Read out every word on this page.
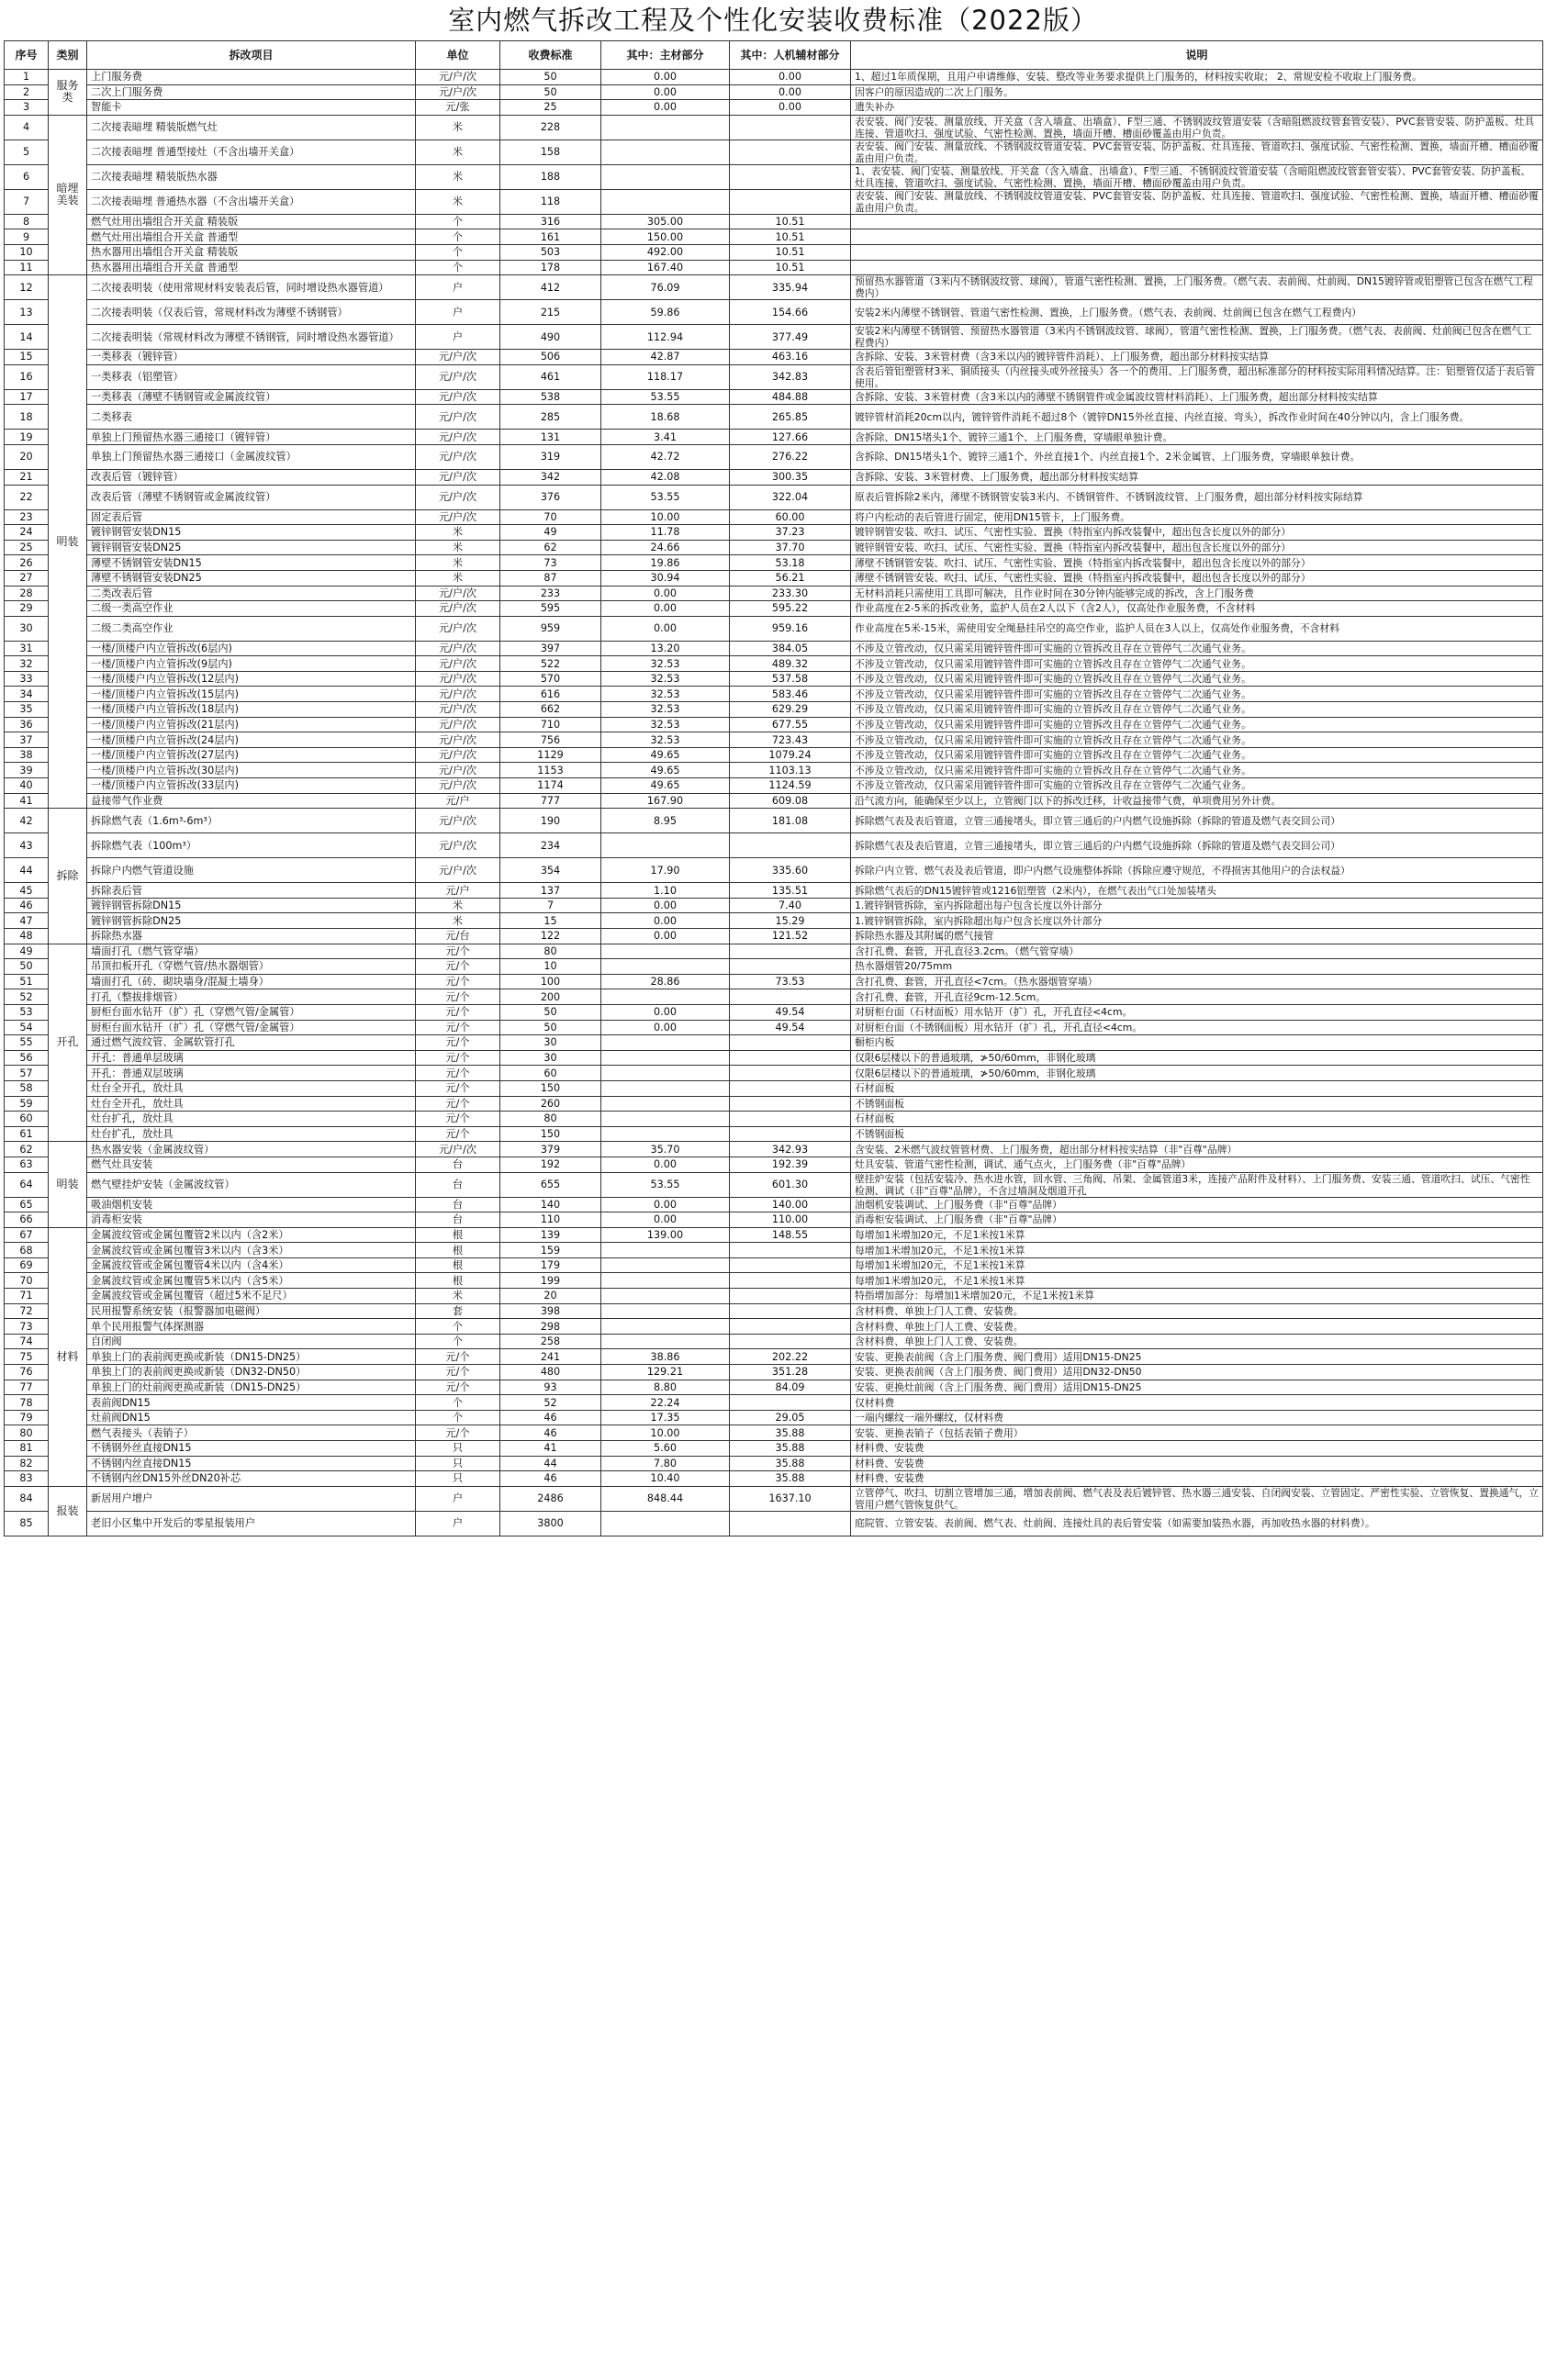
室内燃气拆改工程及个性化安装收费标准（2022版）
序号	类别	拆改项目	单位	收费标准	其中：主材部分	其中：人机辅材部分	说明
1	服务类	上门服务费	元/户/次	50	0.00	0.00	1、超过1年质保期，且用户申请维修、安装、整改等业务要求提供上门服务的，材料按实收取； 2、常规安检不收取上门服务费。
2		二次上门服务费	元/户/次	50	0.00	0.00	因客户的原因造成的二次上门服务。
3		智能卡	元/张	25	0.00	0.00	遗失补办
4	暗埋美装	二次接表暗埋 精装版燃气灶	米	228			表安装、阀门安装、测量放线、开关盒（含入墙盒、出墙盒）、F型三通、不锈钢波纹管道安装（含暗阻燃波纹管套管安装）、PVC套管安装、防护盖板、灶具连接、管道吹扫、强度试验、气密性检测、置换，墙面开槽、槽面砂覆盖由用户负责。
5		二次接表暗埋 普通型接灶（不含出墙开关盒）	米	158			表安装、阀门安装、测量放线、不锈钢波纹管道安装、PVC套管安装、防护盖板、灶具连接、管道吹扫、强度试验、气密性检测、置换，墙面开槽、槽面砂覆盖由用户负责。
6		二次接表暗埋 精装版热水器	米	188			1、表安装、阀门安装、测量放线、开关盒（含入墙盒、出墙盒）、F型三通、不锈钢波纹管道安装（含暗阻燃波纹管套管安装）、PVC套管安装、防护盖板、灶具连接、管道吹扫、强度试验、气密性检测、置换，墙面开槽、槽面砂覆盖由用户负责。
7		二次接表暗埋 普通热水器（不含出墙开关盒）	米	118			表安装、阀门安装、测量放线、不锈钢波纹管道安装、PVC套管安装、防护盖板、灶具连接、管道吹扫、强度试验、气密性检测、置换，墙面开槽、槽面砂覆盖由用户负责。
8		燃气灶用出墙组合开关盒 精装版	个	316	305.00	10.51	
9		燃气灶用出墙组合开关盒 普通型	个	161	150.00	10.51	
10		热水器用出墙组合开关盒 精装版	个	503	492.00	10.51	
11		热水器用出墙组合开关盒 普通型	个	178	167.40	10.51	
12	明装	二次接表明装（使用常规材料安装表后管，同时增设热水器管道）	户	412	76.09	335.94	预留热水器管道（3米内不锈钢波纹管、球阀），管道气密性检测、置换，上门服务费。（燃气表、表前阀、灶前阀、DN15镀锌管或铝塑管已包含在燃气工程费内）
13		二次接表明装（仅表后管，常规材料改为薄壁不锈钢管）	户	215	59.86	154.66	安装2米内薄壁不锈钢管、管道气密性检测、置换，上门服务费。（燃气表、表前阀、灶前阀已包含在燃气工程费内）
14		二次接表明装（常规材料改为薄壁不锈钢管，同时增设热水器管道）	户	490	112.94	377.49	安装2米内薄壁不锈钢管、预留热水器管道（3米内不锈钢波纹管、球阀），管道气密性检测、置换，上门服务费。（燃气表、表前阀、灶前阀已包含在燃气工程费内）
15		一类移表（镀锌管）	元/户/次	506	42.87	463.16	含拆除、安装、3米管材费（含3米以内的镀锌管件消耗）、上门服务费，超出部分材料按实结算
16		一类移表（铝塑管）	元/户/次	461	118.17	342.83	含表后管铝塑管材3米、铜质接头（内丝接头或外丝接头）各一个的费用、上门服务费，超出标准部分的材料按实际用料情况结算。注：铝塑管仅适于表后管使用。
17		一类移表（薄壁不锈钢管或金属波纹管）	元/户/次	538	53.55	484.88	含拆除、安装、3米管材费（含3米以内的薄壁不锈钢管件或金属波纹管材料消耗）、上门服务费，超出部分材料按实结算
18		二类移表	元/户/次	285	18.68	265.85	镀锌管材消耗20cm以内，镀锌管件消耗不超过8个（镀锌DN15外丝直接、内丝直接、弯头），拆改作业时间在40分钟以内，含上门服务费。
19		单独上门预留热水器三通接口（镀锌管）	元/户/次	131	3.41	127.66	含拆除、DN15堵头1个、镀锌三通1个、上门服务费，穿墙眼单独计费。
20		单独上门预留热水器三通接口（金属波纹管）	元/户/次	319	42.72	276.22	含拆除、DN15堵头1个、镀锌三通1个、外丝直接1个、内丝直接1个、2米金属管、上门服务费，穿墙眼单独计费。
21		改表后管（镀锌管）	元/户/次	342	42.08	300.35	含拆除、安装、3米管材费、上门服务费，超出部分材料按实结算
22		改表后管（薄壁不锈钢管或金属波纹管）	元/户/次	376	53.55	322.04	原表后管拆除2米内，薄壁不锈钢管安装3米内、不锈钢管件、不锈钢波纹管、上门服务费，超出部分材料按实际结算
23		固定表后管	元/户/次	70	10.00	60.00	将户内松动的表后管进行固定，使用DN15管卡，上门服务费。
24		镀锌钢管安装DN15	米	49	11.78	37.23	镀锌钢管安装、吹扫、试压、气密性实验、置换（特指室内拆改装餐中，超出包含长度以外的部分）
25		镀锌钢管安装DN25	米	62	24.66	37.70	镀锌钢管安装、吹扫、试压、气密性实验、置换（特指室内拆改装餐中，超出包含长度以外的部分）
26		薄壁不锈钢管安装DN15	米	73	19.86	53.18	薄壁不锈钢管安装、吹扫、试压、气密性实验、置换（特指室内拆改装餐中，超出包含长度以外的部分）
27		薄壁不锈钢管安装DN25	米	87	30.94	56.21	薄壁不锈钢管安装、吹扫、试压、气密性实验、置换（特指室内拆改装餐中，超出包含长度以外的部分）
28		二类改表后管	元/户/次	233	0.00	233.30	无材料消耗只需使用工具即可解决，且作业时间在30分钟内能够完成的拆改，含上门服务费
29		二级一类高空作业	元/户/次	595	0.00	595.22	作业高度在2-5米的拆改业务，监护人员在2人以下（含2人），仅高处作业服务费，不含材料
30		二级二类高空作业	元/户/次	959	0.00	959.16	作业高度在5米-15米，需使用安全绳悬挂吊空的高空作业，监护人员在3人以上，仅高处作业服务费，不含材料
31		一楼/顶楼户内立管拆改(6层内)	元/户/次	397	13.20	384.05	不涉及立管改动，仅只需采用镀锌管件即可实施的立管拆改且存在立管停气二次通气业务。
32		一楼/顶楼户内立管拆改(9层内)	元/户/次	522	32.53	489.32	不涉及立管改动，仅只需采用镀锌管件即可实施的立管拆改且存在立管停气二次通气业务。
33		一楼/顶楼户内立管拆改(12层内)	元/户/次	570	32.53	537.58	不涉及立管改动，仅只需采用镀锌管件即可实施的立管拆改且存在立管停气二次通气业务。
34		一楼/顶楼户内立管拆改(15层内)	元/户/次	616	32.53	583.46	不涉及立管改动，仅只需采用镀锌管件即可实施的立管拆改且存在立管停气二次通气业务。
35		一楼/顶楼户内立管拆改(18层内)	元/户/次	662	32.53	629.29	不涉及立管改动，仅只需采用镀锌管件即可实施的立管拆改且存在立管停气二次通气业务。
36		一楼/顶楼户内立管拆改(21层内)	元/户/次	710	32.53	677.55	不涉及立管改动，仅只需采用镀锌管件即可实施的立管拆改且存在立管停气二次通气业务。
37		一楼/顶楼户内立管拆改(24层内)	元/户/次	756	32.53	723.43	不涉及立管改动，仅只需采用镀锌管件即可实施的立管拆改且存在立管停气二次通气业务。
38		一楼/顶楼户内立管拆改(27层内)	元/户/次	1129	49.65	1079.24	不涉及立管改动，仅只需采用镀锌管件即可实施的立管拆改且存在立管停气二次通气业务。
39		一楼/顶楼户内立管拆改(30层内)	元/户/次	1153	49.65	1103.13	不涉及立管改动，仅只需采用镀锌管件即可实施的立管拆改且存在立管停气二次通气业务。
40		一楼/顶楼户内立管拆改(33层内)	元/户/次	1174	49.65	1124.59	不涉及立管改动，仅只需采用镀锌管件即可实施的立管拆改且存在立管停气二次通气业务。
41		益接带气作业费	元/户	777	167.90	609.08	沿气流方向，能确保至少以上，立管阀门以下的拆改迁移，计收益接带气费，单项费用另外计费。
42	拆除	拆除燃气表（1.6m³-6m³）	元/户/次	190	8.95	181.08	拆除燃气表及表后管道，立管三通接堵头，即立管三通后的户内燃气设施拆除（拆除的管道及燃气表交回公司）
43		拆除燃气表（100m³）	元/户/次	234			拆除燃气表及表后管道，立管三通接堵头，即立管三通后的户内燃气设施拆除（拆除的管道及燃气表交回公司）
44		拆除户内燃气管道设施	元/户/次	354	17.90	335.60	拆除户内立管、燃气表及表后管道，即户内燃气设施整体拆除（拆除应遵守规范，不得损害其他用户的合法权益）
45		拆除表后管	元/户	137	1.10	135.51	拆除燃气表后的DN15镀锌管或1216铝塑管（2米内），在燃气表出气口处加装堵头
46		镀锌钢管拆除DN15	米	7	0.00	7.40	1.镀锌钢管拆除，室内拆除超出每户包含长度以外计部分
47		镀锌钢管拆除DN25	米	15	0.00	15.29	1.镀锌钢管拆除，室内拆除超出每户包含长度以外计部分
48		拆除热水器	元/台	122	0.00	121.52	拆除热水器及其附属的燃气接管
49	开孔	墙面打孔（燃气管穿墙）	元/个	80			含打孔费、套管，开孔直径3.2cm。（燃气管穿墙）
50		吊顶扣板开孔（穿燃气管/热水器烟管）	元/个	10			热水器烟管20/75mm
51		墙面打孔（砖、砌块墙身/混凝土墙身）	元/个	100	28.86	73.53	含打孔费、套管，开孔直径<7cm。（热水器烟管穿墙）
52		打孔（整拔排烟管）	元/个	200			含打孔费、套管，开孔直径9cm-12.5cm。
53		厨柜台面水钻开（扩）孔（穿燃气管/金属管）	元/个	50	0.00	49.54	对厨柜台面（石材面板）用水钻开（扩）孔，开孔直径<4cm。
54		厨柜台面水钻开（扩）孔（穿燃气管/金属管）	元/个	50	0.00	49.54	对厨柜台面（不锈钢面板）用水钻开（扩）孔，开孔直径<4cm。
55		通过燃气波纹管、金属软管打孔	元/个	30			橱柜内板
56		开孔：普通单层玻璃	元/个	30			仅限6层楼以下的普通玻璃，≯50/60mm，非钢化玻璃
57		开孔：普通双层玻璃	元/个	60			仅限6层楼以下的普通玻璃，≯50/60mm，非钢化玻璃
58		灶台全开孔，放灶具	元/个	150			石材面板
59		灶台全开孔，放灶具	元/个	260			不锈钢面板
60		灶台扩孔，放灶具	元/个	80			石材面板
61		灶台扩孔，放灶具	元/个	150			不锈钢面板
62	明装	热水器安装（金属波纹管）	元/户/次	379	35.70	342.93	含安装、2米燃气波纹管管材费、上门服务费，超出部分材料按实结算（非"百尊"品牌）
63		燃气灶具安装	台	192	0.00	192.39	灶具安装、管道气密性检测，调试、通气点火，上门服务费（非"百尊"品牌）
64		燃气壁挂炉安装（金属波纹管）	台	655	53.55	601.30	壁挂炉安装（包括安装冷、热水进水管，回水管、三角阀、吊架、金属管道3米，连接产品附件及材料）、上门服务费、安装三通、管道吹扫、试压、气密性检测、调试（非"百尊"品牌），不含过墙洞及烟道开孔
65		吸油烟机安装	台	140	0.00	140.00	油烟机安装调试、上门服务费（非"百尊"品牌）
66		消毒柜安装	台	110	0.00	110.00	消毒柜安装调试、上门服务费（非"百尊"品牌）
67	材料	金属波纹管或金属包覆管2米以内（含2米）	根	139	139.00	148.55	每增加1米增加20元，不足1米按1米算
68		金属波纹管或金属包覆管3米以内（含3米）	根	159			每增加1米增加20元，不足1米按1米算
69		金属波纹管或金属包覆管4米以内（含4米）	根	179			每增加1米增加20元，不足1米按1米算
70		金属波纹管或金属包覆管5米以内（含5米）	根	199			每增加1米增加20元，不足1米按1米算
71		金属波纹管或金属包覆管（超过5米不足尺）	米	20			特指增加部分：每增加1米增加20元，不足1米按1米算
72		民用报警系统安装（报警器加电磁阀）	套	398			含材料费、单独上门人工费、安装费。
73		单个民用报警气体探测器	个	298			含材料费、单独上门人工费、安装费。
74		自闭阀	个	258			含材料费、单独上门人工费、安装费。
75		单独上门的表前阀更换或新装（DN15-DN25）	元/个	241	38.86	202.22	安装、更换表前阀（含上门服务费、阀门费用）适用DN15-DN25
76		单独上门的表前阀更换或新装（DN32-DN50）	元/个	480	129.21	351.28	安装、更换表前阀（含上门服务费、阀门费用）适用DN32-DN50
77		单独上门的灶前阀更换或新装（DN15-DN25）	元/个	93	8.80	84.09	安装、更换灶前阀（含上门服务费、阀门费用）适用DN15-DN25
78		表前阀DN15	个	52	22.24		仅材料费
79		灶前阀DN15	个	46	17.35	29.05	一端内螺纹一端外螺纹，仅材料费
80		燃气表接头（表销子）	元/个	46	10.00	35.88	安装、更换表销子（包括表销子费用）
81		不锈钢外丝直接DN15	只	41	5.60	35.88	材料费、安装费
82		不锈钢内丝直接DN15	只	44	7.80	35.88	材料费、安装费
83		不锈钢内丝DN15外丝DN20补芯	只	46	10.40	35.88	材料费、安装费
84	报装	新居用户增户	户	2486	848.44	1637.10	立管停气、吹扫、切割立管增加三通，增加表前阀、燃气表及表后镀锌管、热水器三通安装、自闭阀安装、立管固定、严密性实验、立管恢复、置换通气，立管用户燃气管恢复供气。
85		老旧小区集中开发后的零星报装用户	户	3800			庭院管、立管安装、表前阀、燃气表、灶前阀、连接灶具的表后管安装（如需要加装热水器，再加收热水器的材料费）。
